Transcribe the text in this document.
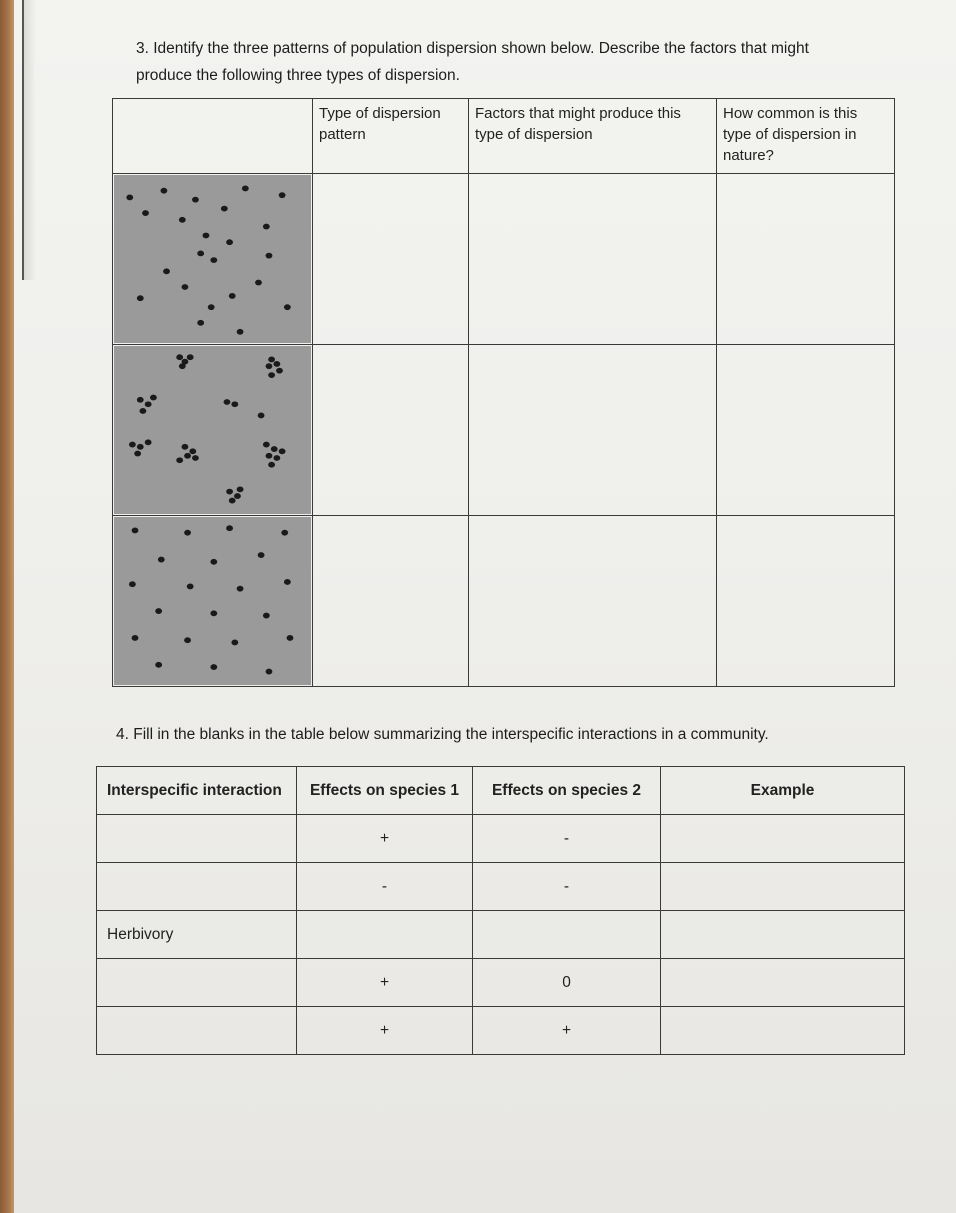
3. Identify the three patterns of population dispersion shown below. Describe the factors that might
produce the following three types of dispersion.
	Type of dispersion pattern	Factors that might produce this type of dispersion	How common is this type of dispersion in nature?

4. Fill in the blanks in the table below summarizing the interspecific interactions in a community.
Interspecific interaction	Effects on species 1	Effects on species 2	Example
	+	-	
	-	-	
Herbivory			
	+	0	
	+	+	
